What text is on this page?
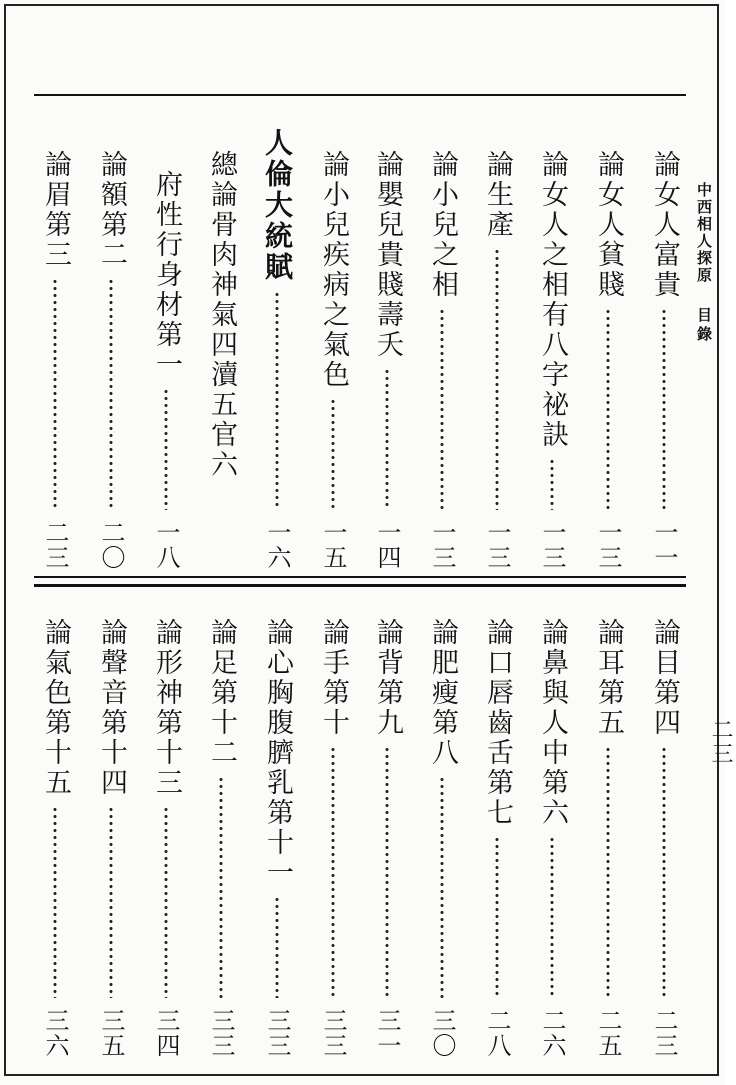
中西相人探原
目錄
二三
論女人富貴
一一
論女人貧賤
一三
論女人之相有八字祕訣
一三
論生產
一三
論小兒之相
一三
論嬰兒貴賤壽夭
一四
論小兒疾病之氣色
一五
人倫大統賦
一六
總論骨肉神氣四瀆五官六
府性行身材第一
一八
論額第二
二〇
論眉第三
二三
論目第四
二三
論耳第五
二五
論鼻與人中第六
二六
論口唇齒舌第七
二八
論肥瘦第八
三〇
論背第九
三一
論手第十
三三
論心胸腹臍乳第十一
三三
論足第十二
三三
論形神第十三
三四
論聲音第十四
三五
論氣色第十五
三六
